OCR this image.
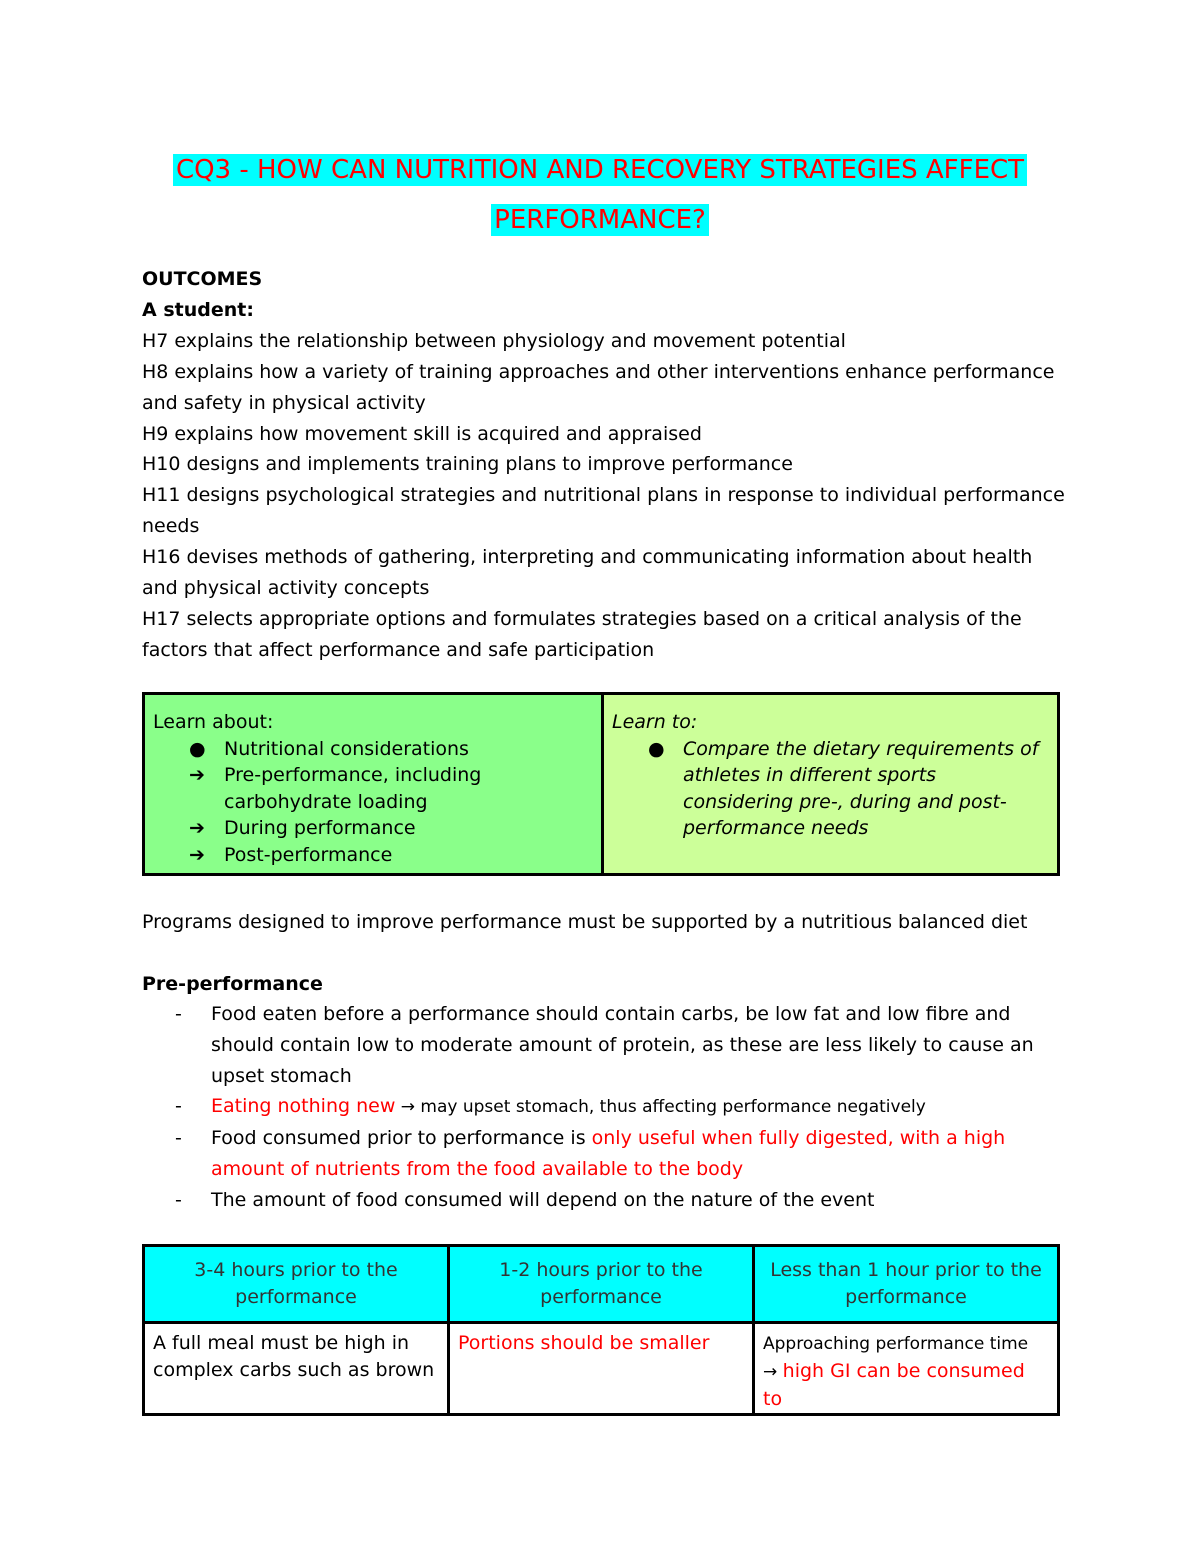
CQ3 - HOW CAN NUTRITION AND RECOVERY STRATEGIES AFFECT
PERFORMANCE?

OUTCOMES

A student:

H7 explains the relationship between physiology and movement potential

H8 explains how a variety of training approaches and other interventions enhance performance and safety in physical activity

H9 explains how movement skill is acquired and appraised

H10 designs and implements training plans to improve performance

H11 designs psychological strategies and nutritional plans in response to individual performance needs

H16 devises methods of gathering, interpreting and communicating information about health and physical activity concepts

H17 selects appropriate options and formulates strategies based on a critical analysis of the factors that affect performance and safe participation

Learn about:
● Nutritional considerations
➔ Pre-performance, including carbohydrate loading
➔ During performance
➔ Post-performance
Learn to:
● Compare the dietary requirements of athletes in different sports considering pre-, during and post-performance needs
Programs designed to improve performance must be supported by a nutritious balanced diet
Pre-performance
- Food eaten before a performance should contain carbs, be low fat and low fibre and should contain low to moderate amount of protein, as these are less likely to cause an upset stomach
- Eating nothing new → may upset stomach, thus affecting performance negatively
- Food consumed prior to performance is only useful when fully digested, with a high amount of nutrients from the food available to the body
- The amount of food consumed will depend on the nature of the event
3-4 hours prior to the performance	1-2 hours prior to the performance	Less than 1 hour prior to the performance
A full meal must be high in complex carbs such as brown	Portions should be smaller	Approaching performance time
→ high GI can be consumed to
